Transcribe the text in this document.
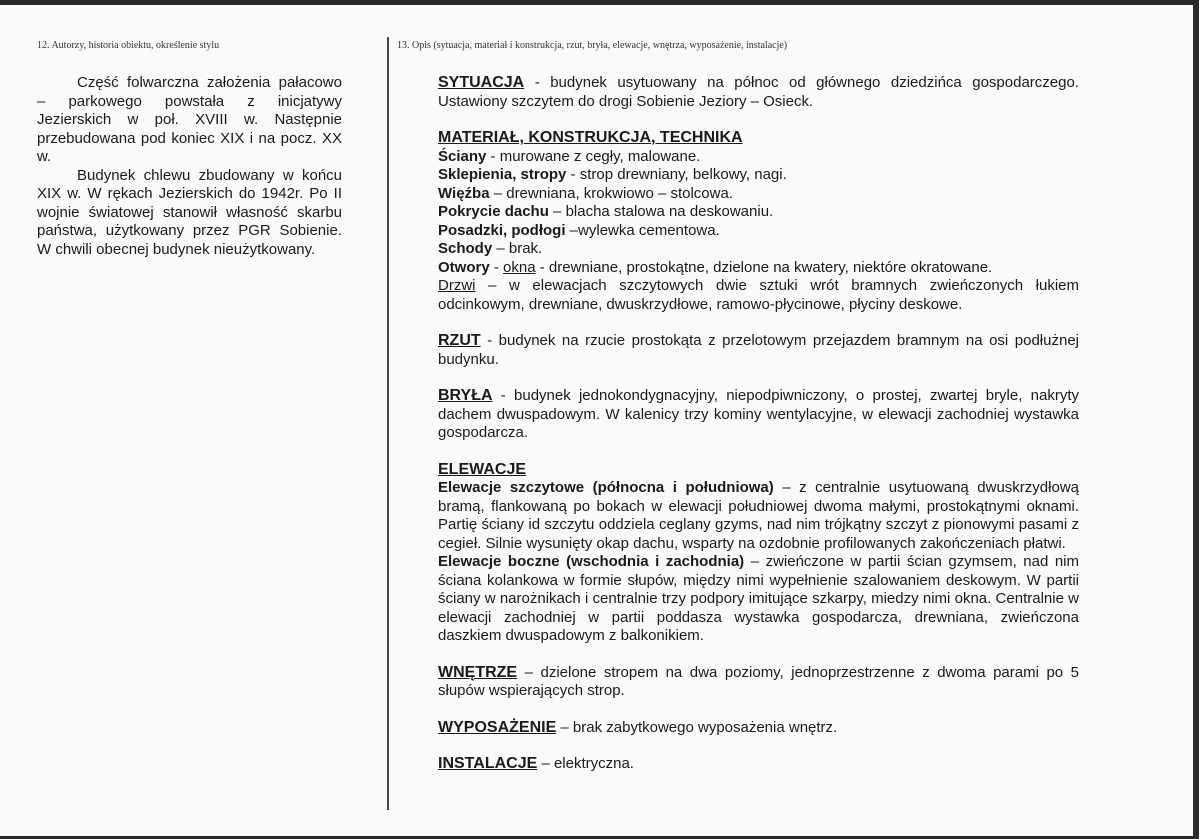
12. Autorzy, historia obiektu, określenie stylu	13. Opis (sytuacja, materiał i konstrukcja, rzut, bryła, elewacje, wnętrza, wyposażenie, instalacje)

Część folwarczna założenia pałacowo – parkowego powstała z inicjatywy Jezierskich w poł. XVIII w. Następnie przebudowana pod koniec XIX i na pocz. XX w.

Budynek chlewu zbudowany w końcu XIX w. W rękach Jezierskich do 1942r. Po II wojnie światowej stanowił własność skarbu państwa, użytkowany przez PGR Sobienie. W chwili obecnej budynek nieużytkowany.

SYTUACJA - budynek usytuowany na północ od głównego dziedzińca gospodarczego. Ustawiony szczytem do drogi Sobienie Jeziory – Osieck.

MATERIAŁ, KONSTRUKCJA, TECHNIKA

Ściany - murowane z cegły, malowane.

Sklepienia, stropy - strop drewniany, belkowy, nagi.

Więźba – drewniana, krokwiowo – stolcowa.

Pokrycie dachu – blacha stalowa na deskowaniu.

Posadzki, podłogi –wylewka cementowa.

Schody – brak.

Otwory - okna - drewniane, prostokątne, dzielone na kwatery, niektóre okratowane.

Drzwi – w elewacjach szczytowych dwie sztuki wrót bramnych zwieńczonych łukiem odcinkowym, drewniane, dwuskrzydłowe, ramowo-płycinowe, płyciny deskowe.

RZUT - budynek na rzucie prostokąta z przelotowym przejazdem bramnym na osi podłużnej budynku.

BRYŁA - budynek jednokondygnacyjny, niepodpiwniczony, o prostej, zwartej bryle, nakryty dachem dwuspadowym. W kalenicy trzy kominy wentylacyjne, w elewacji zachodniej wystawka gospodarcza.

ELEWACJE

Elewacje szczytowe (północna i południowa) – z centralnie usytuowaną dwuskrzydłową bramą, flankowaną po bokach w elewacji południowej dwoma małymi, prostokątnymi oknami. Partię ściany id szczytu oddziela ceglany gzyms, nad nim trójkątny szczyt z pionowymi pasami z cegieł. Silnie wysunięty okap dachu, wsparty na ozdobnie profilowanych zakończeniach płatwi.

Elewacje boczne (wschodnia i zachodnia) – zwieńczone w partii ścian gzymsem, nad nim ściana kolankowa w formie słupów, między nimi wypełnienie szalowaniem deskowym. W partii ściany w narożnikach i centralnie trzy podpory imitujące szkarpy, miedzy nimi okna. Centralnie w elewacji zachodniej w partii poddasza wystawka gospodarcza, drewniana, zwieńczona daszkiem dwuspadowym z balkonikiem.

WNĘTRZE – dzielone stropem na dwa poziomy, jednoprzestrzenne z dwoma parami po 5 słupów wspierających strop.

WYPOSAŻENIE – brak zabytkowego wyposażenia wnętrz.

INSTALACJE – elektryczna.
